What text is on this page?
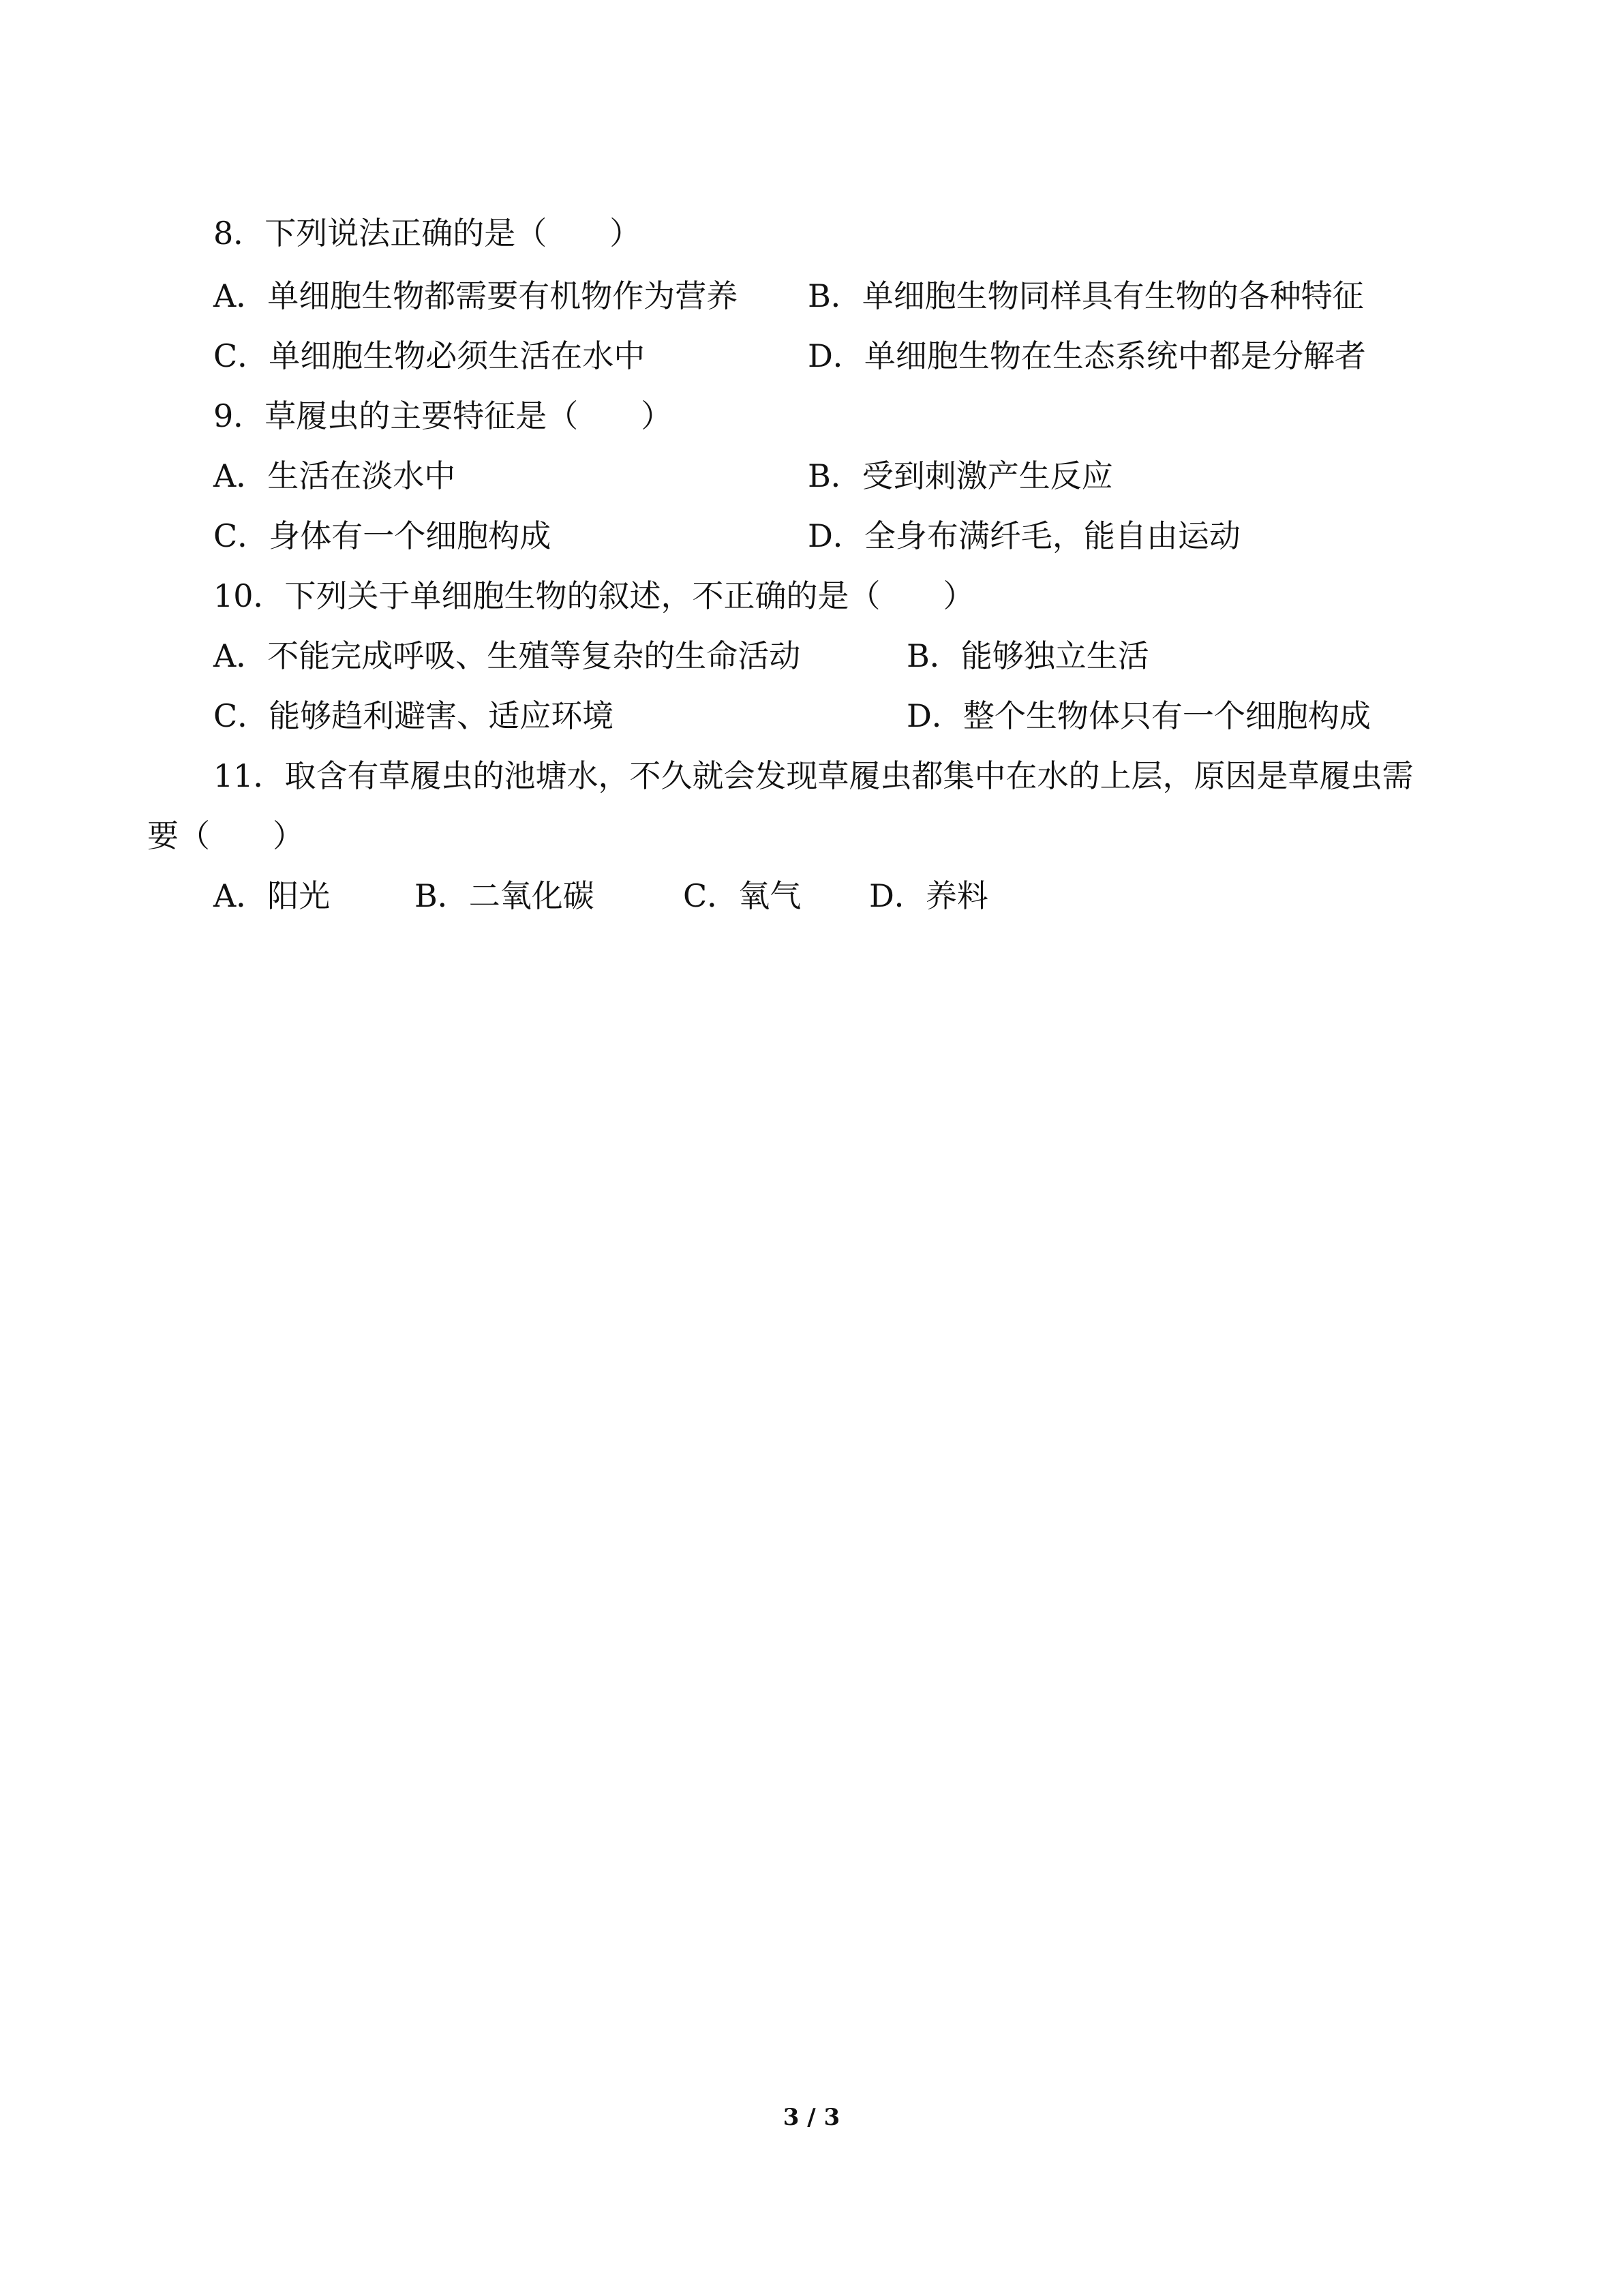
8．下列说法正确的是（　　）
A．单细胞生物都需要有机物作为营养 B．单细胞生物同样具有生物的各种特征
C．单细胞生物必须生活在水中	D．单细胞生物在生态系统中都是分解者
9．草履虫的主要特征是（　　）
A．生活在淡水中	B．受到刺激产生反应
C．身体有一个细胞构成	D．全身布满纤毛，能自由运动
10．下列关于单细胞生物的叙述，不正确的是（　　）
A．不能完成呼吸、生殖等复杂的生命活动	B．能够独立生活
C．能够趋利避害、适应环境	D．整个生物体只有一个细胞构成
11．取含有草履虫的池塘水，不久就会发现草履虫都集中在水的上层，原因是草履虫需
要（　　）
A．阳光	B．二氧化碳	C．氧气 D．养料
3 / 3
